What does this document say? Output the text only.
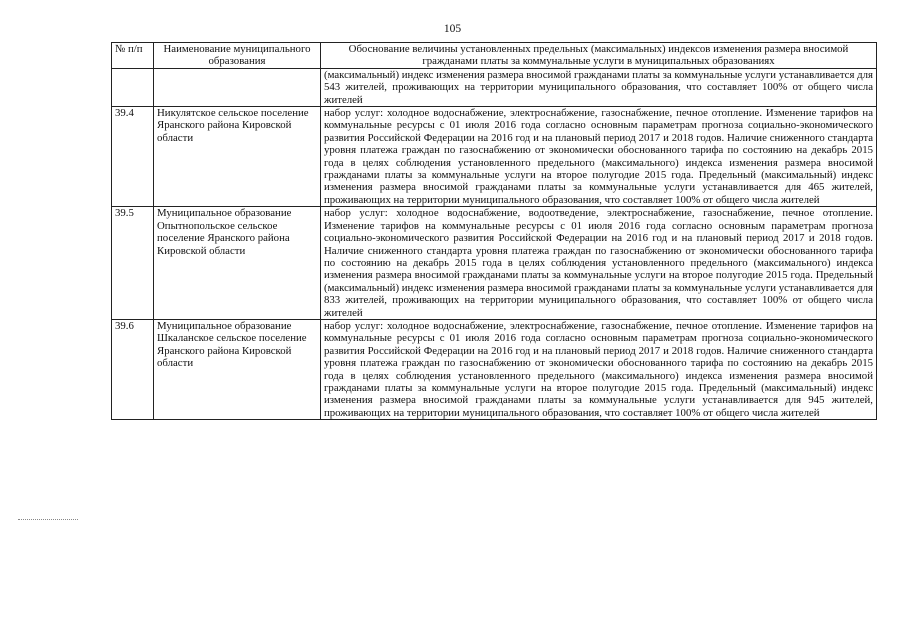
105
№ п/п	Наименование муниципального образования	Обоснование величины установленных предельных (максимальных) индексов изменения размера вносимой гражданами платы за коммунальные услуги в муниципальных образованиях
		(максимальный) индекс изменения размера вносимой гражданами платы за коммунальные услуги устанавливается для 543 жителей, проживающих на территории муниципального образования, что составляет 100% от общего числа жителей
39.4	Никулятское сельское поселение Яранского района Кировской области	набор услуг: холодное водоснабжение, электроснабжение, газоснабжение, печное отопление. Изменение тарифов на коммунальные ресурсы с 01 июля 2016 года согласно основным параметрам прогноза социально-экономического развития Российской Федерации на 2016 год и на плановый период 2017 и 2018 годов. Наличие сниженного стандарта уровня платежа граждан по газоснабжению от экономически обоснованного тарифа по состоянию на декабрь 2015 года в целях соблюдения установленного предельного (максимального) индекса изменения размера вносимой гражданами платы за коммунальные услуги на второе полугодие 2015 года. Предельный (максимальный) индекс изменения размера вносимой гражданами платы за коммунальные услуги устанавливается для 465 жителей, проживающих на территории муниципального образования, что составляет 100% от общего числа жителей
39.5	Муниципальное образование Опытнопольское сельское поселение Яранского района Кировской области	набор услуг: холодное водоснабжение, водоотведение, электроснабжение, газоснабжение, печное отопление. Изменение тарифов на коммунальные ресурсы с 01 июля 2016 года согласно основным параметрам прогноза социально-экономического развития Российской Федерации на 2016 год и на плановый период 2017 и 2018 годов. Наличие сниженного стандарта уровня платежа граждан по газоснабжению от экономически обоснованного тарифа по состоянию на декабрь 2015 года в целях соблюдения установленного предельного (максимального) индекса изменения размера вносимой гражданами платы за коммунальные услуги на второе полугодие 2015 года. Предельный (максимальный) индекс изменения размера вносимой гражданами платы за коммунальные услуги устанавливается для 833 жителей, проживающих на территории муниципального образования, что составляет 100% от общего числа жителей
39.6	Муниципальное образование Шкаланское сельское поселение Яранского района Кировской области	набор услуг: холодное водоснабжение, электроснабжение, газоснабжение, печное отопление. Изменение тарифов на коммунальные ресурсы с 01 июля 2016 года согласно основным параметрам прогноза социально-экономического развития Российской Федерации на 2016 год и на плановый период 2017 и 2018 годов. Наличие сниженного стандарта уровня платежа граждан по газоснабжению от экономически обоснованного тарифа по состоянию на декабрь 2015 года в целях соблюдения установленного предельного (максимального) индекса изменения размера вносимой гражданами платы за коммунальные услуги на второе полугодие 2015 года. Предельный (максимальный) индекс изменения размера вносимой гражданами платы за коммунальные услуги устанавливается для 945 жителей, проживающих на территории муниципального образования, что составляет 100% от общего числа жителей
